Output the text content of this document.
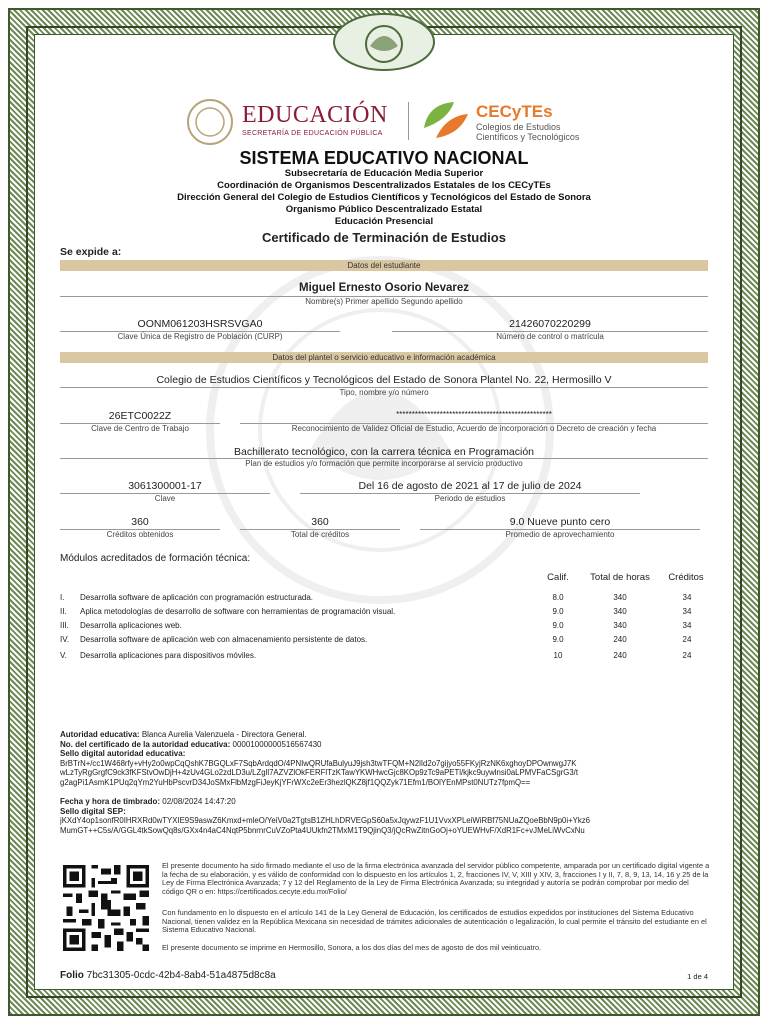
EDUCACIÓN
SECRETARÍA DE EDUCACIÓN PÚBLICA
CECyTEs
Colegios de Estudios
Científicos y Tecnológicos
SISTEMA EDUCATIVO NACIONAL
Subsecretaría de Educación Media Superior
Coordinación de Organismos Descentralizados Estatales de los CECyTEs
Dirección General del Colegio de Estudios Científicos y Tecnológicos del Estado de Sonora
Organismo Público Descentralizado Estatal
Educación Presencial
Certificado de Terminación de Estudios
Se expide a:
Datos del estudiante
Miguel Ernesto Osorio Nevarez
Nombre(s) Primer apellido Segundo apellido
OONM061203HSRSVGA0
Clave Única de Registro de Población (CURP)
21426070220299
Número de control o matrícula
Datos del plantel o servicio educativo e información académica
Colegio de Estudios Científicos y Tecnológicos del Estado de Sonora Plantel No. 22, Hermosillo V
Tipo, nombre y/o número
26ETC0022Z
Clave de Centro de Trabajo
**************************************************
Reconocimiento de Validez Oficial de Estudio, Acuerdo de incorporación o Decreto de creación y fecha
Bachillerato tecnológico, con la carrera técnica en Programación
Plan de estudios y/o formación que permite incorporarse al servicio productivo
3061300001-17
Clave
Del 16 de agosto de 2021 al 17 de julio de 2024
Periodo de estudios
360
Créditos obtenidos
360
Total de créditos
9.0 Nueve punto cero
Promedio de aprovechamiento
Módulos acreditados de formación técnica:
Calif.	Total de horas	Créditos
I. Desarrolla software de aplicación con programación estructurada.	8.0	340	34
II. Aplica metodologías de desarrollo de software con herramientas de programación visual.	9.0	340	34
III. Desarrolla aplicaciones web.	9.0	340	34
IV. Desarrolla software de aplicación web con almacenamiento persistente de datos.	9.0	240	24
V. Desarrolla aplicaciones para dispositivos móviles.	10	240	24
Autoridad educativa: Blanca Aurelia Valenzuela - Directora General.
No. del certificado de la autoridad educativa: 00001000000516567430
Sello digital autoridad educativa:
BrBTrN+/cc1W468rfy+vHy2o0wpCqQshK7BGQLxF7SqbArdqdO/4PNIwQRUfaBulyuJ9jsh3twTFQM+N2lId2o7gijyo55FKyjRzNK6xghoyDPOwnwgJ7K
wLzTyRgGrgfC9ck3fKFStvOwDjH+4zUv4GLo2zdLD3u/LZgll7AZVZlOkFERFlTzKTawYKWHwcGjc8KOp9zTc9aPETl/kjkc9uywlnsi0aLPMVFaCSgrG3/t
g2agPi1AsmK1PUq2qYm2YuHbPscvrD34JoSMxFlbMzgFiJeyKjYFrWXc2eEr3hezlQKZ8jf1QQZyk71Efm1/BOlYEnMPst0NUTz7fpmQ==
Fecha y hora de timbrado: 02/08/2024 14:47:20
Sello digital SEP:
jKXdY4op1sonfR0IHRXRd0wTYXIE9S9aswZ6Kmxd+mleO/YeiV0a2TgtsB1ZHLhDRVEGpS60a5xJqywzF1U1VvxXPLeiWiRBf75NUaZQoeBbN9p0i+Ykz6
MumGT++C5s/A/GGL4tkSowQq8s/GXx4n4aC4NqtP5bnrnrCuVZoPta4UUkfn2TMxM1T9QjinQ3/jQcRwZitnGoOj+oYUEWHvF/XdR1Fc+vJMeLiWvCxNu
El presente documento ha sido firmado mediante el uso de la firma electrónica avanzada del servidor público competente, amparada por un certificado digital vigente a la fecha de su elaboración, y es válido de conformidad con lo dispuesto en los artículos 1, 2, fracciones IV, V, XIII y XIV, 3, fracciones I y II, 7, 8, 9, 13, 14, 16 y 25 de la Ley de Firma Electrónica Avanzada; 7 y 12 del Reglamento de la Ley de Firma Electrónica Avanzada; su integridad y autoría se podrán comprobar por medio del código QR o en: https://certificados.cecyte.edu.mx/Folio/
Con fundamento en lo dispuesto en el artículo 141 de la Ley General de Educación, los certificados de estudios expedidos por instituciones del Sistema Educativo Nacional, tienen validez en la República Mexicana sin necesidad de trámites adicionales de autenticación o legalización, lo cual permite el tránsito del estudiante en el Sistema Educativo Nacional.
El presente documento se imprime en Hermosillo, Sonora, a los dos días del mes de agosto de dos mil veinticuatro.
Folio 7bc31305-0cdc-42b4-8ab4-51a4875d8c8a	1 de 4
